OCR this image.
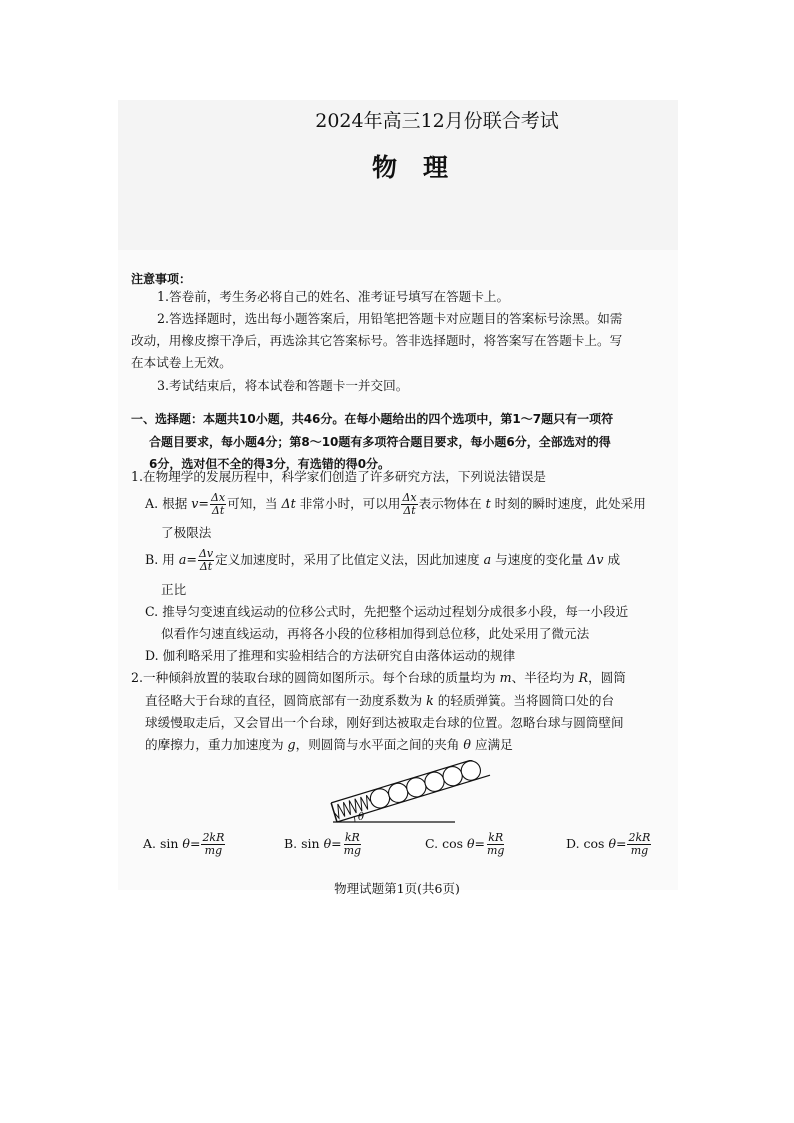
2024年高三12月份联合考试
物理
注意事项：
1.答卷前，考生务必将自己的姓名、准考证号填写在答题卡上。
2.答选择题时，选出每小题答案后，用铅笔把答题卡对应题目的答案标号涂黑。如需
改动，用橡皮擦干净后，再选涂其它答案标号。答非选择题时，将答案写在答题卡上。写
在本试卷上无效。
3.考试结束后，将本试卷和答题卡一并交回。
一、选择题：本题共10小题，共46分。在每小题给出的四个选项中，第1～7题只有一项符
合题目要求，每小题4分；第8～10题有多项符合题目要求，每小题6分，全部选对的得
6分，选对但不全的得3分，有选错的得0分。
1.在物理学的发展历程中，科学家们创造了许多研究方法，下列说法错误是
A. 根据 $v= \frac{\Delta x}{\Delta t}$ 可知，当 Δt 非常小时，可以用 $\frac{\Delta x}{\Delta t}$ 表示物体在 t 时刻的瞬时速度，此处采用
了极限法
B. 用 $a= \frac{\Delta v}{\Delta t}$ 定义加速度时，采用了比值定义法，因此加速度 a 与速度的变化量 Δv 成
正比
C. 推导匀变速直线运动的位移公式时，先把整个运动过程划分成很多小段，每一小段近
似看作匀速直线运动，再将各小段的位移相加得到总位移，此处采用了微元法
D. 伽利略采用了推理和实验相结合的方法研究自由落体运动的规律
2.一种倾斜放置的装取台球的圆筒如图所示。每个台球的质量均为 m、半径均为 R，圆筒
直径略大于台球的直径，圆筒底部有一劲度系数为 k 的轻质弹簧。当将圆筒口处的台
球缓慢取走后，又会冒出一个台球，刚好到达被取走台球的位置。忽略台球与圆筒壁间
的摩擦力，重力加速度为 g，则圆筒与水平面之间的夹角 θ 应满足
θ
A. $\sin \theta= \frac{2kR}{mg}$	B. $\sin \theta= \frac{kR}{mg}$	C. $\cos \theta= \frac{kR}{mg}$	D. $\cos \theta= \frac{2kR}{mg}$
物理试题第1页(共6页)
